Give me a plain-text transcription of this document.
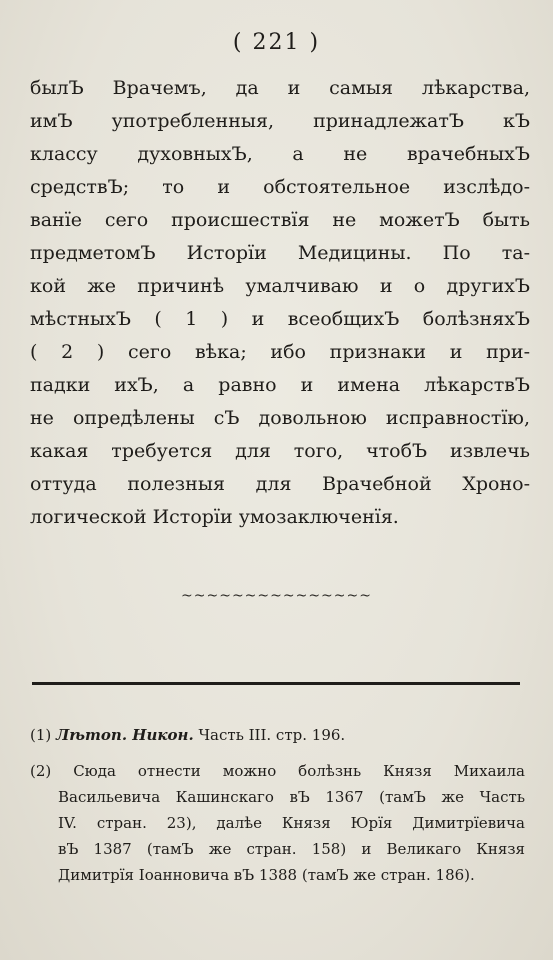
( 221 )
былЪ Врачемъ, да и самыя лѣкарства,
имЪ употребленныя, принадлежатЪ кЪ
классу духовныхЪ, а не врачебныхЪ
средствЪ; то и обстоятельное изслѣдо-
ванїе сего происшествїя не можетЪ быть
предметомЪ Исторїи Медицины. По та-
кой же причинѣ умалчиваю и о другихЪ
мѣстныхЪ ( 1 ) и всеобщихЪ болѣзняхЪ
( 2 ) сего вѣка; ибо признаки и при-
падки ихЪ, а равно и имена лѣкарствЪ
не опредѣлены сЪ довольною исправностїю,
какая требуется для того, чтобЪ извлечь
оттуда полезныя для Врачебной Хроно-
логической Исторїи умозаключенїя.
~~~~~~~~~~~~~~~
(1) Лѣтоп. Никон. Часть III. стр. 196.
(2) Сюда отнести можно болѣзнь Князя Михаила
Васильевича Кашинскаго вЪ 1367 (тамЪ же Часть
IV. стран. 23), далѣе Князя Юрїя Димитрїевича
вЪ 1387 (тамЪ же стран. 158) и Великаго Князя
Димитрїя Іоанновича вЪ 1388 (тамЪ же стран. 186).
